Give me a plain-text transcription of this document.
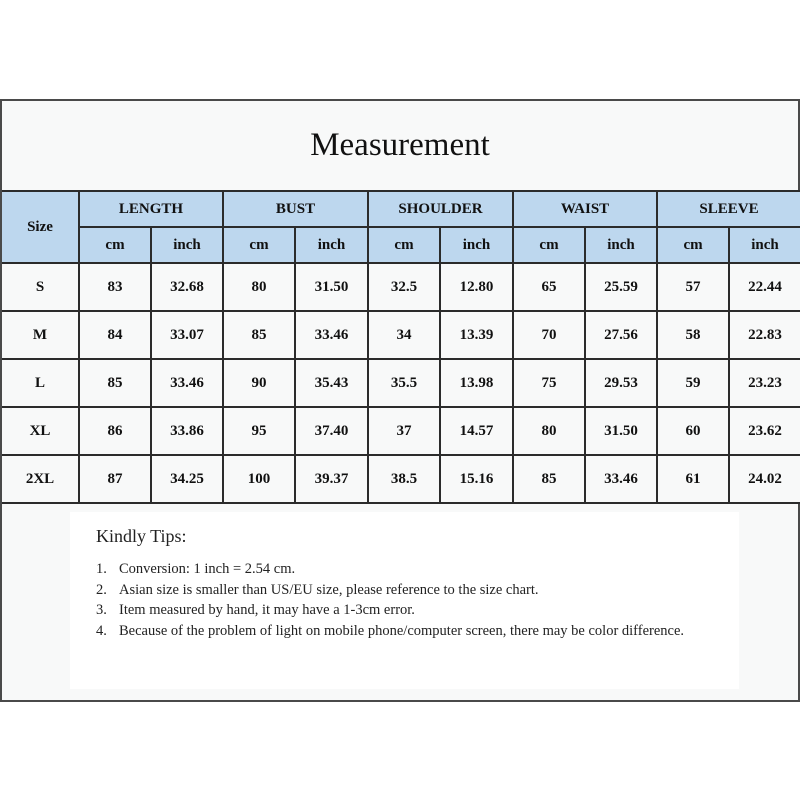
Measurement
Size	LENGTH		BUST		SHOULDER		WAIST		SLEEVE	
	cm	inch	cm	inch	cm	inch	cm	inch	cm	inch
S	83	32.68	80	31.50	32.5	12.80	65	25.59	57	22.44
M	84	33.07	85	33.46	34	13.39	70	27.56	58	22.83
L	85	33.46	90	35.43	35.5	13.98	75	29.53	59	23.23
XL	86	33.86	95	37.40	37	14.57	80	31.50	60	23.62
2XL	87	34.25	100	39.37	38.5	15.16	85	33.46	61	24.02
Kindly Tips:
1. Conversion: 1 inch = 2.54 cm.
2. Asian size is smaller than US/EU size, please reference to the size chart.
3. Item measured by hand, it may have a 1-3cm error.
4. Because of the problem of light on mobile phone/computer screen, there may be color difference.
